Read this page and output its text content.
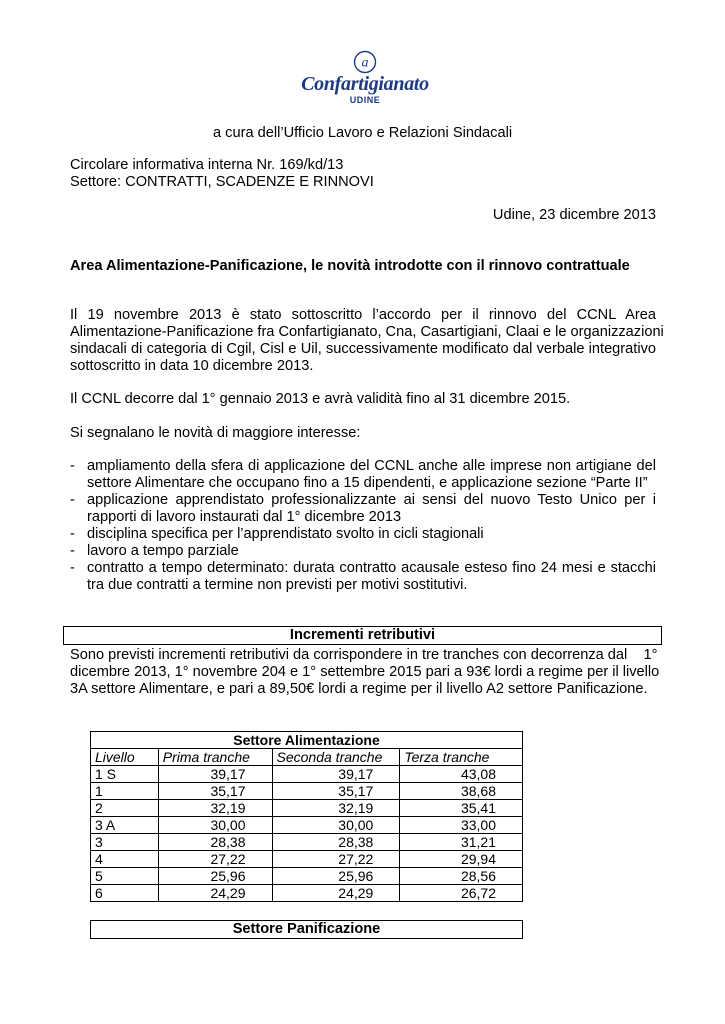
a
Confartigianato
UDINE
a cura dell’Ufficio Lavoro e Relazioni Sindacali
Circolare informativa interna Nr. 169/kd/13
Settore: CONTRATTI, SCADENZE E RINNOVI
Udine, 23 dicembre 2013
Area Alimentazione-Panificazione, le novità introdotte con il rinnovo contrattuale
Il 19 novembre 2013 è stato sottoscritto l’accordo per il rinnovo del CCNL Area
Alimentazione-Panificazione fra Confartigianato, Cna, Casartigiani, Claai e le organizzazioni
sindacali di categoria di Cgil, Cisl e Uil, successivamente modificato dal verbale integrativo
sottoscritto in data 10 dicembre 2013.
Il CCNL decorre dal 1° gennaio 2013 e avrà validità fino al 31 dicembre 2015.
Si segnalano le novità di maggiore interesse:
- ampliamento della sfera di applicazione del CCNL anche alle imprese non artigiane del
settore Alimentare che occupano fino a 15 dipendenti, e applicazione sezione “Parte II”
- applicazione apprendistato professionalizzante ai sensi del nuovo Testo Unico per i
rapporti di lavoro instaurati dal 1° dicembre 2013
- disciplina specifica per l’apprendistato svolto in cicli stagionali
- lavoro a tempo parziale
- contratto a tempo determinato: durata contratto acausale esteso fino 24 mesi e stacchi
tra due contratti a termine non previsti per motivi sostitutivi.
Incrementi retributivi
Sono previsti incrementi retributivi da corrispondere in tre tranches con decorrenza dal    1°
dicembre 2013, 1° novembre 204 e 1° settembre 2015 pari a 93€ lordi a regime per il livello
3A settore Alimentare, e pari a 89,50€ lordi a regime per il livello A2 settore Panificazione.
Settore Alimentazione			
Livello	Prima tranche	Seconda tranche	Terza tranche
1 S	39,17	39,17	43,08
1	35,17	35,17	38,68
2	32,19	32,19	35,41
3 A	30,00	30,00	33,00
3	28,38	28,38	31,21
4	27,22	27,22	29,94
5	25,96	25,96	28,56
6	24,29	24,29	26,72
Settore Panificazione
